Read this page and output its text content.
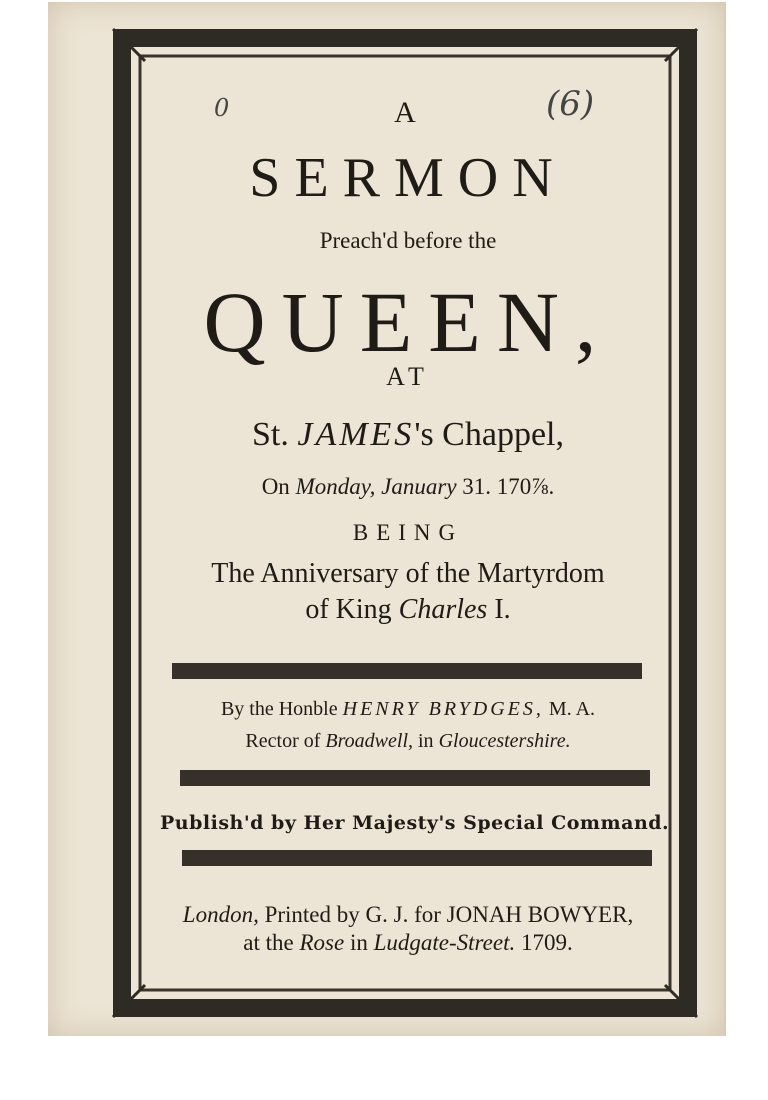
0	(6)
A
SERMON
Preach'd before the
QUEEN,
AT
St. JAMES's Chappel,
On Monday, January 31. 170⅞.
BEING
The Anniversary of the Martyrdom
of King Charles I.
By the Honble HENRY BRYDGES, M. A.
Rector of Broadwell, in Gloucestershire.
Publish'd by Her Majesty's Special Command.
London, Printed by G. J. for JONAH BOWYER,
at the Rose in Ludgate-Street. 1709.
